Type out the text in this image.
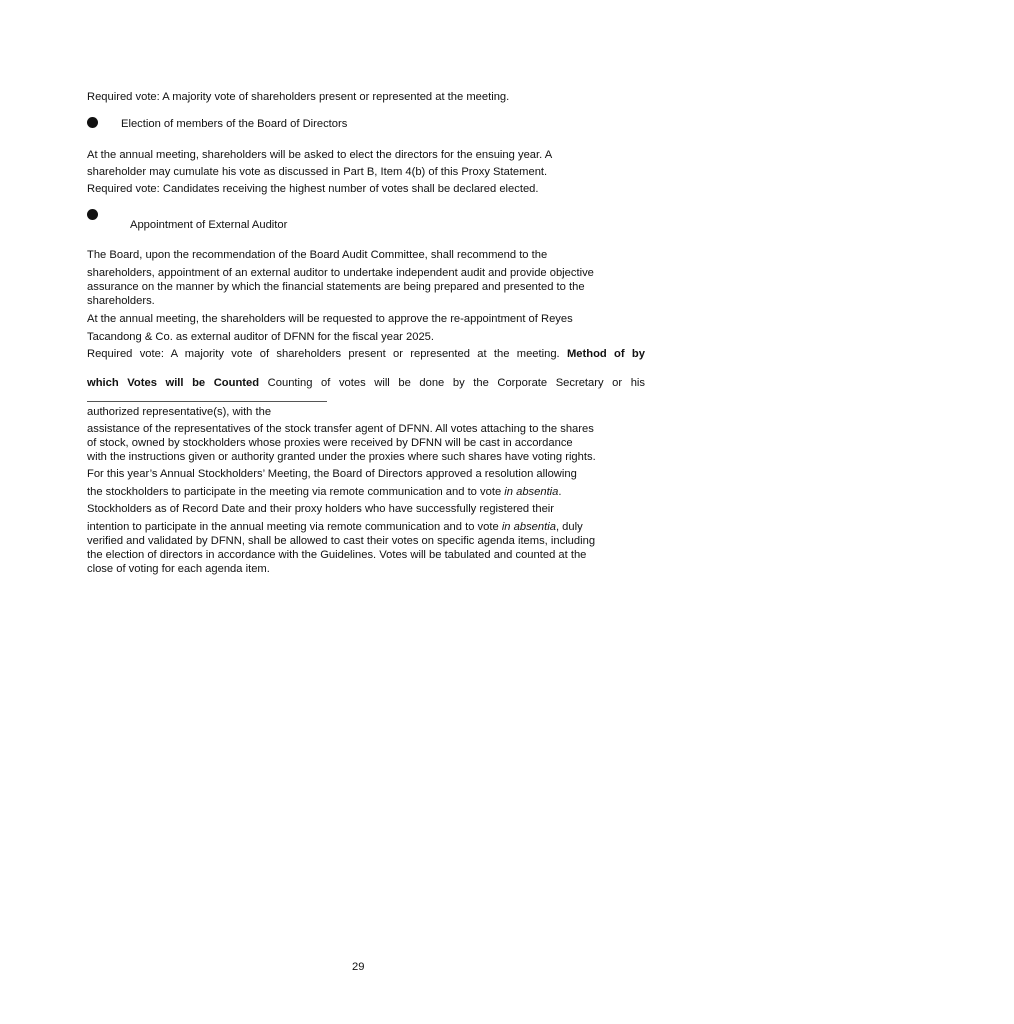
Required vote: A majority vote of shareholders present or represented at the meeting.
Election of members of the Board of Directors
At the annual meeting, shareholders will be asked to elect the directors for the ensuing year. A
shareholder may cumulate his vote as discussed in Part B, Item 4(b) of this Proxy Statement.
Required vote: Candidates receiving the highest number of votes shall be declared elected.
Appointment of External Auditor
The Board, upon the recommendation of the Board Audit Committee, shall recommend to the
shareholders, appointment of an external auditor to undertake independent audit and provide objective
assurance on the manner by which the financial statements are being prepared and presented to the
shareholders.
At the annual meeting, the shareholders will be requested to approve the re-appointment of Reyes
Tacandong & Co. as external auditor of DFNN for the fiscal year 2025.
Required vote: A majority vote of shareholders present or represented at the meeting. Method of by
which Votes will be Counted Counting of votes will be done by the Corporate Secretary or his
authorized representative(s), with the
assistance of the representatives of the stock transfer agent of DFNN. All votes attaching to the shares
of stock, owned by stockholders whose proxies were received by DFNN will be cast in accordance
with the instructions given or authority granted under the proxies where such shares have voting rights.
For this year’s Annual Stockholders’ Meeting, the Board of Directors approved a resolution allowing
the stockholders to participate in the meeting via remote communication and to vote in absentia.
Stockholders as of Record Date and their proxy holders who have successfully registered their
intention to participate in the annual meeting via remote communication and to vote in absentia, duly
verified and validated by DFNN, shall be allowed to cast their votes on specific agenda items, including
the election of directors in accordance with the Guidelines. Votes will be tabulated and counted at the
close of voting for each agenda item.
29
